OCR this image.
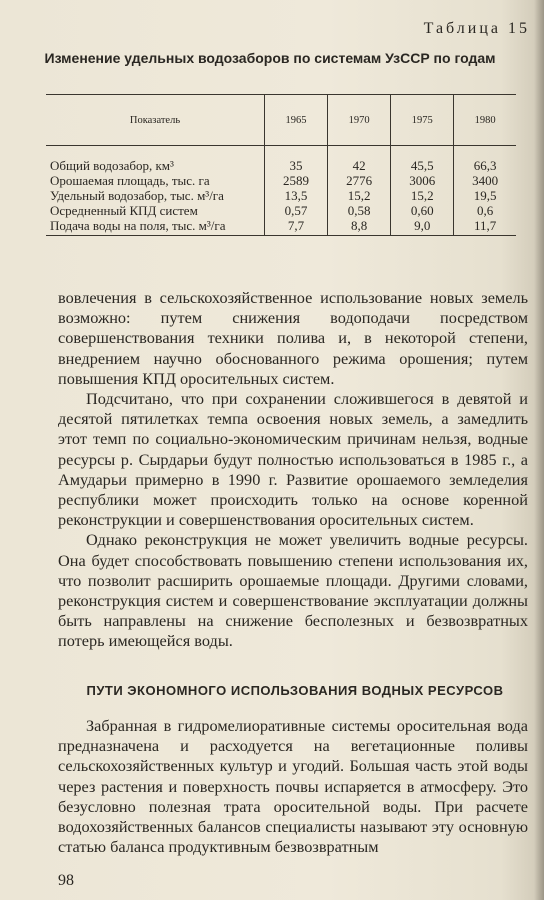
Таблица 15
Изменение удельных водозаборов по системам УзССР по годам
Показатель	1965	1970	1975	1980
Общий водозабор, км³	35	42	45,5	66,3
Орошаемая площадь, тыс. га	2589	2776	3006	3400
Удельный водозабор, тыс. м³/га	13,5	15,2	15,2	19,5
Осредненный КПД систем	0,57	0,58	0,60	0,6
Подача воды на поля, тыс. м³/га	7,7	8,8	9,0	11,7

вовлечения в сельскохозяйственное использование новых земель возможно: путем снижения водоподачи посредством совершенствования техники полива и, в некоторой степени, внедрением научно обоснованного режима орошения; путем повышения КПД оросительных систем.

Подсчитано, что при сохранении сложившегося в девятой и десятой пятилетках темпа освоения новых земель, а замедлить этот темп по социально-экономическим причинам нельзя, водные ресурсы р. Сырдарьи будут полностью использоваться в 1985 г., а Амударьи примерно в 1990 г. Развитие орошаемого земледелия республики может происходить только на основе коренной реконструкции и совершенствования оросительных систем.

Однако реконструкция не может увеличить водные ресурсы. Она будет способствовать повышению степени использования их, что позволит расширить орошаемые площади. Другими словами, реконструкция систем и совершенствование эксплуатации должны быть направлены на снижение бесполезных и безвозвратных потерь имеющейся воды.

ПУТИ ЭКОНОМНОГО ИСПОЛЬЗОВАНИЯ ВОДНЫХ РЕСУРСОВ

Забранная в гидромелиоративные системы оросительная вода предназначена и расходуется на вегетационные поливы сельскохозяйственных культур и угодий. Большая часть этой воды через растения и поверхность почвы испаряется в атмосферу. Это безусловно полезная трата оросительной воды. При расчете водохозяйственных балансов специалисты называют эту основную статью баланса продуктивным безвозвратным

98
